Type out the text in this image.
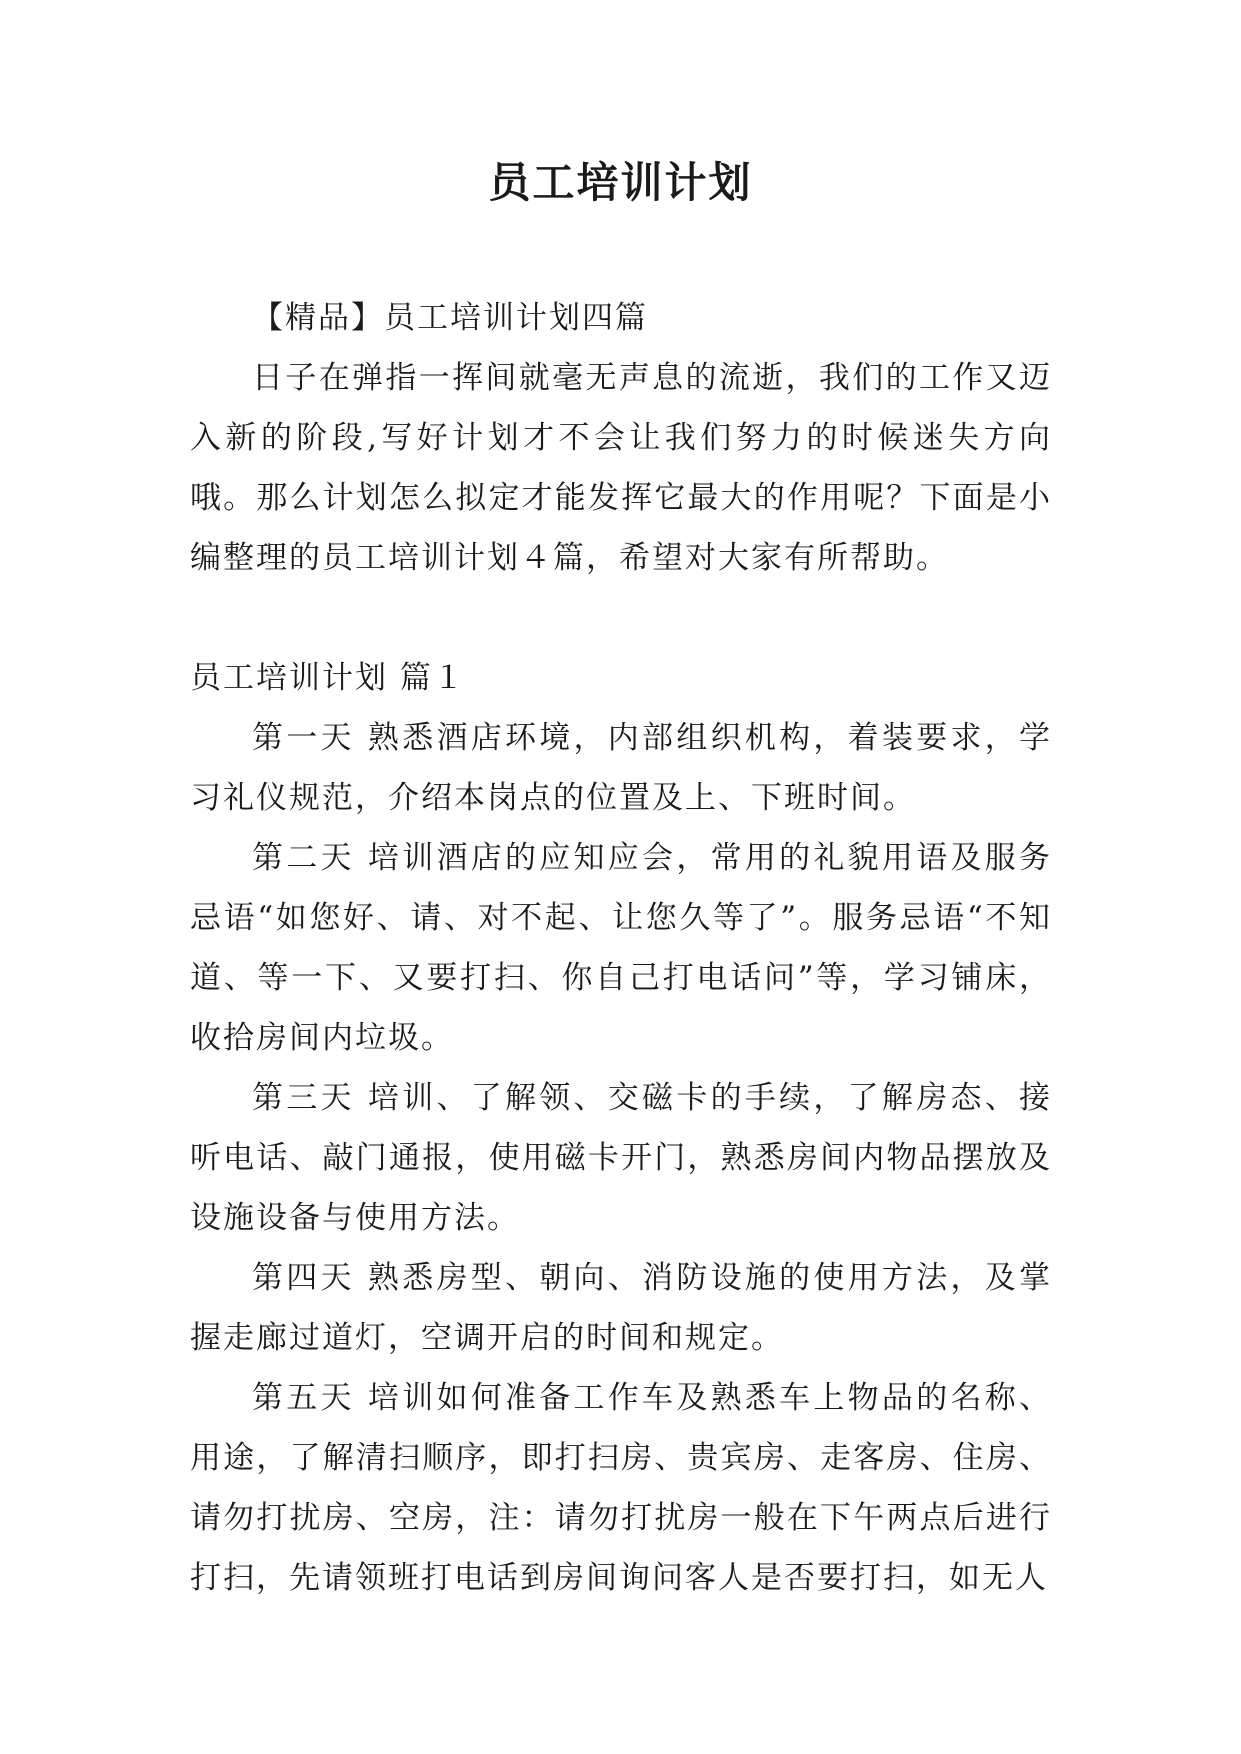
员工培训计划

【精品】员工培训计划四篇

日子在弹指一挥间就毫无声息的流逝，我们的工作又迈入新的阶段,写好计划才不会让我们努力的时候迷失方向哦。那么计划怎么拟定才能发挥它最大的作用呢？下面是小编整理的员工培训计划４篇，希望对大家有所帮助。

员工培训计划 篇１

第一天 熟悉酒店环境，内部组织机构，着装要求，学习礼仪规范，介绍本岗点的位置及上、下班时间。

第二天 培训酒店的应知应会，常用的礼貌用语及服务忌语“如您好、请、对不起、让您久等了”。服务忌语“不知道、等一下、又要打扫、你自己打电话问”等，学习铺床，收拾房间内垃圾。

第三天 培训、了解领、交磁卡的手续，了解房态、接听电话、敲门通报，使用磁卡开门，熟悉房间内物品摆放及设施设备与使用方法。

第四天 熟悉房型、朝向、消防设施的使用方法，及掌握走廊过道灯，空调开启的时间和规定。

第五天 培训如何准备工作车及熟悉车上物品的名称、用途，了解清扫顺序，即打扫房、贵宾房、走客房、住房、请勿打扰房、空房，注：请勿打扰房一般在下午两点后进行打扫，先请领班打电话到房间询问客人是否要打扫，如无人
